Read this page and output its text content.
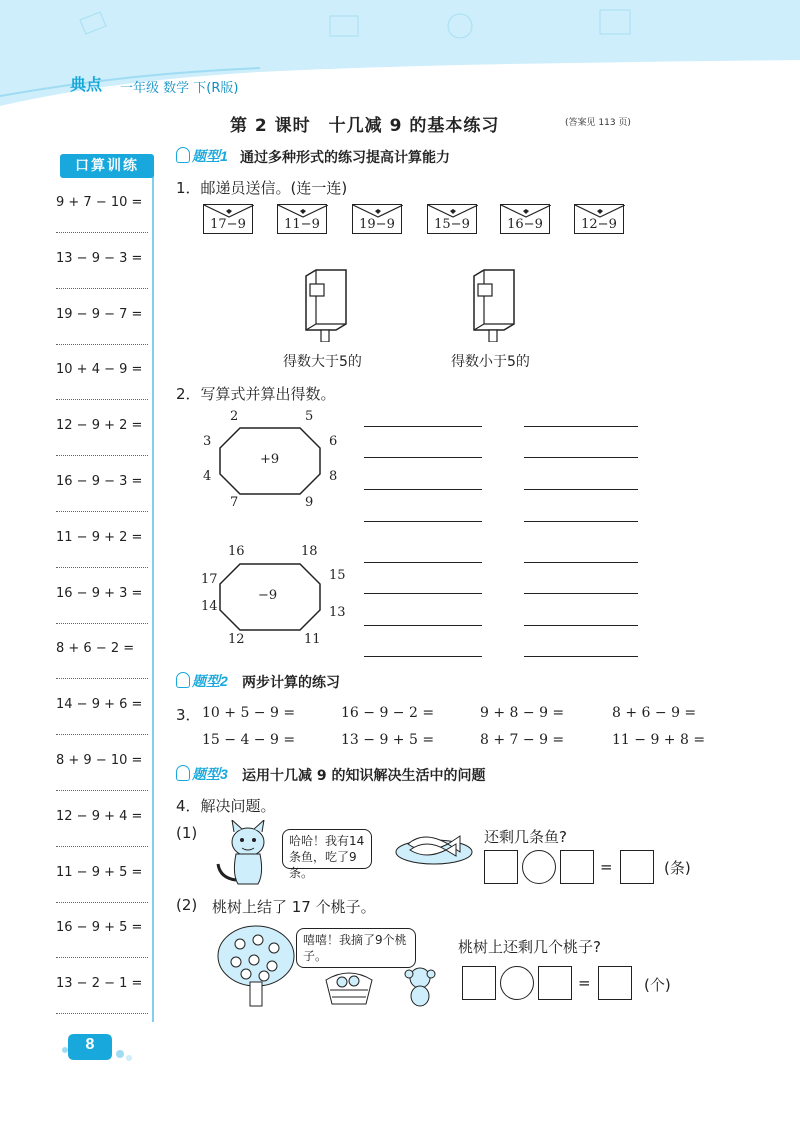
典点 一年级 数学 下(R版)
第 2 课时　十几减 9 的基本练习	(答案见 113 页)
口算训练
9 + 7 − 10 =
13 − 9 − 3 =
19 − 9 − 7 =
10 + 4 − 9 =
12 − 9 + 2 =
16 − 9 − 3 =
11 − 9 + 2 =
16 − 9 + 3 =
8 + 6 − 2 =
14 − 9 + 6 =
8 + 9 − 10 =
12 − 9 + 4 =
11 − 9 + 5 =
16 − 9 + 5 =
13 − 2 − 1 =
题型1 通过多种形式的练习提高计算能力
1．邮递员送信。(连一连)
17−9	11−9	19−9	15−9	16−9	12−9
得数大于5的	得数小于5的
2．写算式并算出得数。
+9
2	5
3	6
4	8
7	9
−9
16	18
17	15
14	13
12	11
题型2 两步计算的练习
3． 10 + 5 − 9 =	16 − 9 − 2 =	9 + 8 − 9 =	8 + 6 − 9 =
15 − 4 − 9 =	13 − 9 + 5 =	8 + 7 − 9 =	11 − 9 + 8 =
题型3 运用十几减 9 的知识解决生活中的问题
4．解决问题。
(1)	哈哈！我有14条鱼，吃了9条。
还剩几条鱼?
=	(条)
(2) 桃树上结了 17 个桃子。
嘻嘻！我摘了9个桃子。	桃树上还剩几个桃子?
=	(个)
8
